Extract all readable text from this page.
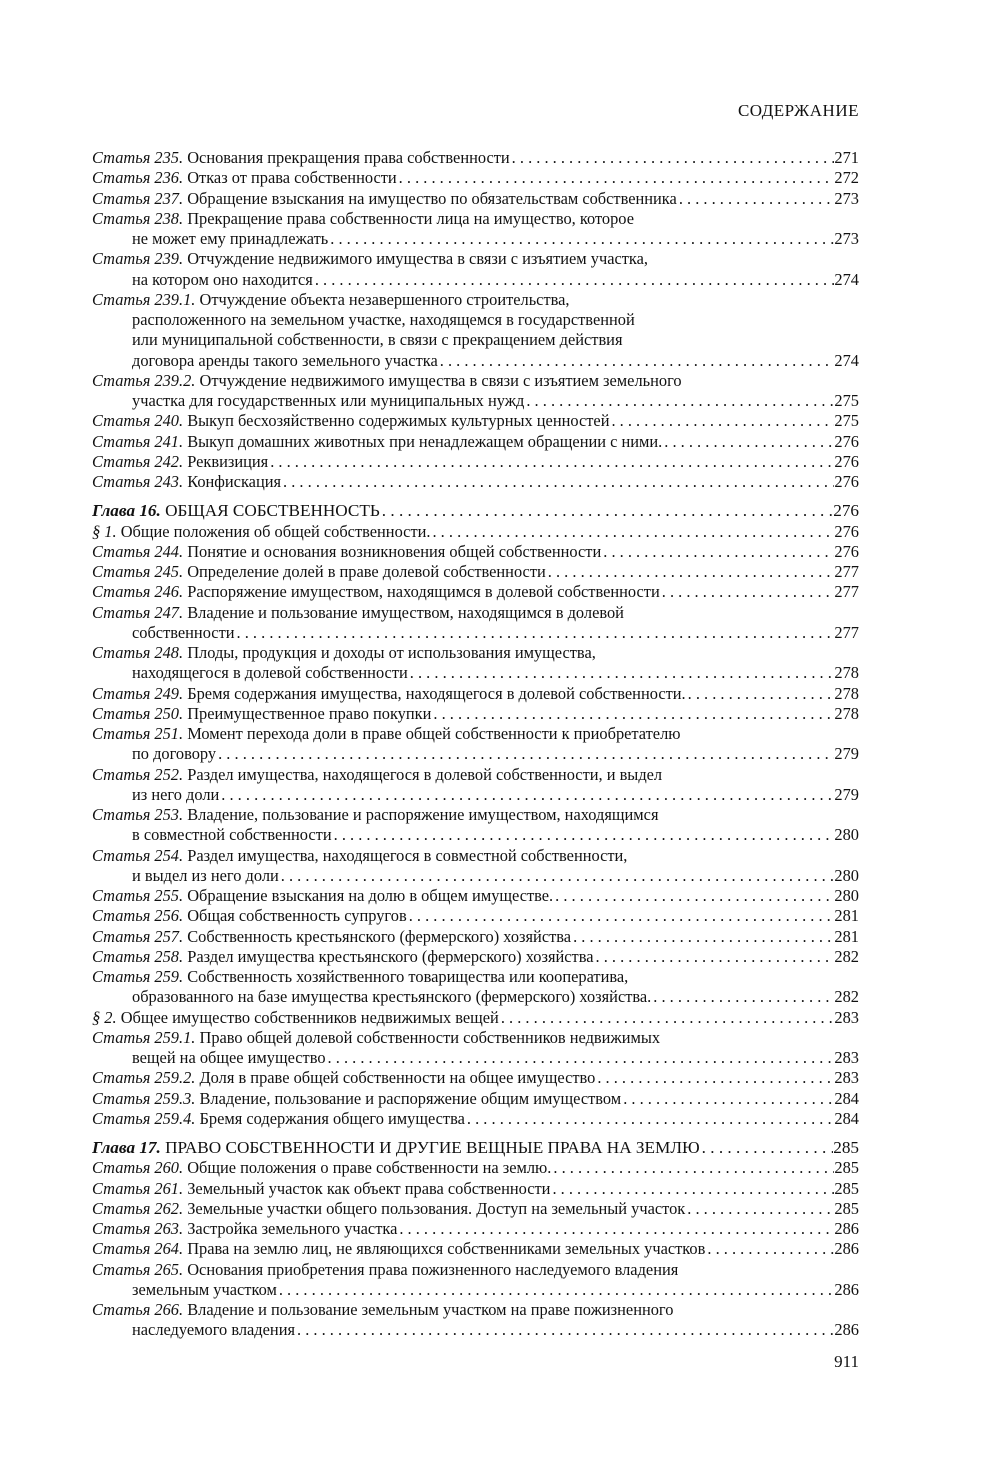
СОДЕРЖАНИЕ
Статья 235. Основания прекращения права собственности . . .	271
Статья 236. Отказ от права собственности . . .	272
Статья 237. Обращение взыскания на имущество по обязательствам собственника . . .	273
Статья 238. Прекращение права собственности лица на имущество, которое
не может ему принадлежать . . .	273
Статья 239. Отчуждение недвижимого имущества в связи с изъятием участка,
на котором оно находится . . .	274
Статья 239.1. Отчуждение объекта незавершенного строительства,
расположенного на земельном участке, находящемся в государственной
или муниципальной собственности, в связи с прекращением действия
договора аренды такого земельного участка . . .	274
Статья 239.2. Отчуждение недвижимого имущества в связи с изъятием земельного
участка для государственных или муниципальных нужд . . .	275
Статья 240. Выкуп бесхозяйственно содержимых культурных ценностей . . .	275
Статья 241. Выкуп домашних животных при ненадлежащем обращении с ними. . . .	276
Статья 242. Реквизиция . . .	276
Статья 243. Конфискация . . .	276
Глава 16. ОБЩАЯ СОБСТВЕННОСТЬ . . .	276
§ 1. Общие положения об общей собственности. . . .	276
Статья 244. Понятие и основания возникновения общей собственности . . .	276
Статья 245. Определение долей в праве долевой собственности . . .	277
Статья 246. Распоряжение имуществом, находящимся в долевой собственности . . .	277
Статья 247. Владение и пользование имуществом, находящимся в долевой
собственности . . .	277
Статья 248. Плоды, продукция и доходы от использования имущества,
находящегося в долевой собственности . . .	278
Статья 249. Бремя содержания имущества, находящегося в долевой собственности. . . .	278
Статья 250. Преимущественное право покупки . . .	278
Статья 251. Момент перехода доли в праве общей собственности к приобретателю
по договору . . .	279
Статья 252. Раздел имущества, находящегося в долевой собственности, и выдел
из него доли . . .	279
Статья 253. Владение, пользование и распоряжение имуществом, находящимся
в совместной собственности . . .	280
Статья 254. Раздел имущества, находящегося в совместной собственности,
и выдел из него доли . . .	280
Статья 255. Обращение взыскания на долю в общем имуществе. . . .	280
Статья 256. Общая собственность супругов . . .	281
Статья 257. Собственность крестьянского (фермерского) хозяйства . . .	281
Статья 258. Раздел имущества крестьянского (фермерского) хозяйства . . .	282
Статья 259. Собственность хозяйственного товарищества или кооператива,
образованного на базе имущества крестьянского (фермерского) хозяйства. . . .	282
§ 2. Общее имущество собственников недвижимых вещей . . .	283
Статья 259.1. Право общей долевой собственности собственников недвижимых
вещей на общее имущество . . .	283
Статья 259.2. Доля в праве общей собственности на общее имущество . . .	283
Статья 259.3. Владение, пользование и распоряжение общим имуществом . . .	284
Статья 259.4. Бремя содержания общего имущества . . .	284
Глава 17. ПРАВО СОБСТВЕННОСТИ И ДРУГИЕ ВЕЩНЫЕ ПРАВА НА ЗЕМЛЮ . . .	285
Статья 260. Общие положения о праве собственности на землю. . . .	285
Статья 261. Земельный участок как объект права собственности . . .	285
Статья 262. Земельные участки общего пользования. Доступ на земельный участок . . .	285
Статья 263. Застройка земельного участка . . .	286
Статья 264. Права на землю лиц, не являющихся собственниками земельных участков . . .	286
Статья 265. Основания приобретения права пожизненного наследуемого владения
земельным участком . . .	286
Статья 266. Владение и пользование земельным участком на праве пожизненного
наследуемого владения . . .	286
911
